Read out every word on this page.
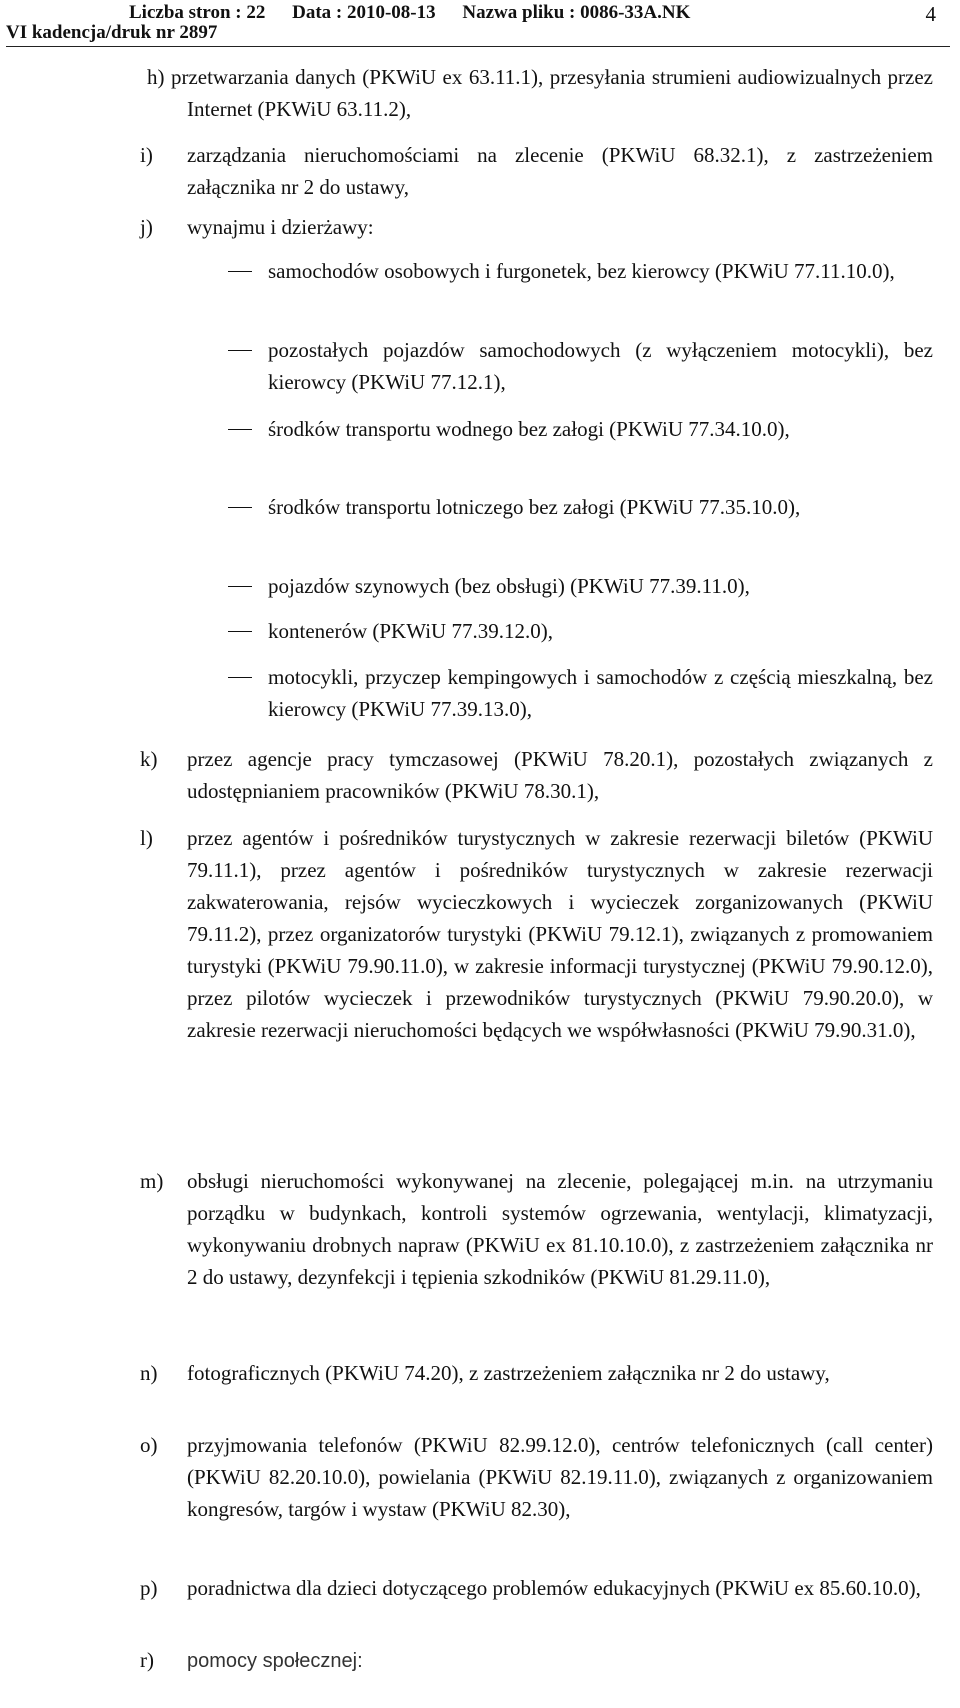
Liczba stron : 22 Data : 2010-08-13 Nazwa pliku : 0086-33A.NK
VI kadencja/druk nr 2897
4
h) przetwarzania danych (PKWiU ex 63.11.1), przesyłania strumieni audiowizualnych przez Internet (PKWiU 63.11.2),
i) zarządzania nieruchomościami na zlecenie (PKWiU 68.32.1), z zastrzeżeniem załącznika nr 2 do ustawy,
j) wynajmu i dzierżawy:
samochodów osobowych i furgonetek, bez kierowcy (PKWiU 77.11.10.0),
pozostałych pojazdów samochodowych (z wyłączeniem motocykli), bez kierowcy (PKWiU 77.12.1),
środków transportu wodnego bez załogi (PKWiU 77.34.10.0),
środków transportu lotniczego bez załogi (PKWiU 77.35.10.0),
pojazdów szynowych (bez obsługi) (PKWiU 77.39.11.0),
kontenerów (PKWiU 77.39.12.0),
motocykli, przyczep kempingowych i samochodów z częścią mieszkalną, bez kierowcy (PKWiU 77.39.13.0),
k) przez agencje pracy tymczasowej (PKWiU 78.20.1), pozostałych związanych z udostępnianiem pracowników (PKWiU 78.30.1),
l) przez agentów i pośredników turystycznych w zakresie rezerwacji biletów (PKWiU 79.11.1), przez agentów i pośredników turystycznych w zakresie rezerwacji zakwaterowania, rejsów wycieczkowych i wycieczek zorganizowanych (PKWiU 79.11.2), przez organizatorów turystyki (PKWiU 79.12.1), związanych z promowaniem turystyki (PKWiU 79.90.11.0), w zakresie informacji turystycznej (PKWiU 79.90.12.0), przez pilotów wycieczek i przewodników turystycznych (PKWiU 79.90.20.0), w zakresie rezerwacji nieruchomości będących we współwłasności (PKWiU 79.90.31.0),
m) obsługi nieruchomości wykonywanej na zlecenie, polegającej m.in. na utrzymaniu porządku w budynkach, kontroli systemów ogrzewania, wentylacji, klimatyzacji, wykonywaniu drobnych napraw (PKWiU ex 81.10.10.0), z zastrzeżeniem załącznika nr 2 do ustawy, dezynfekcji i tępienia szkodników (PKWiU 81.29.11.0),
n) fotograficznych (PKWiU 74.20), z zastrzeżeniem załącznika nr 2 do ustawy,
o) przyjmowania telefonów (PKWiU 82.99.12.0), centrów telefonicznych (call center) (PKWiU 82.20.10.0), powielania (PKWiU 82.19.11.0), związanych z organizowaniem kongresów, targów i wystaw (PKWiU 82.30),
p) poradnictwa dla dzieci dotyczącego problemów edukacyjnych (PKWiU ex 85.60.10.0),
r) pomocy społecznej:
